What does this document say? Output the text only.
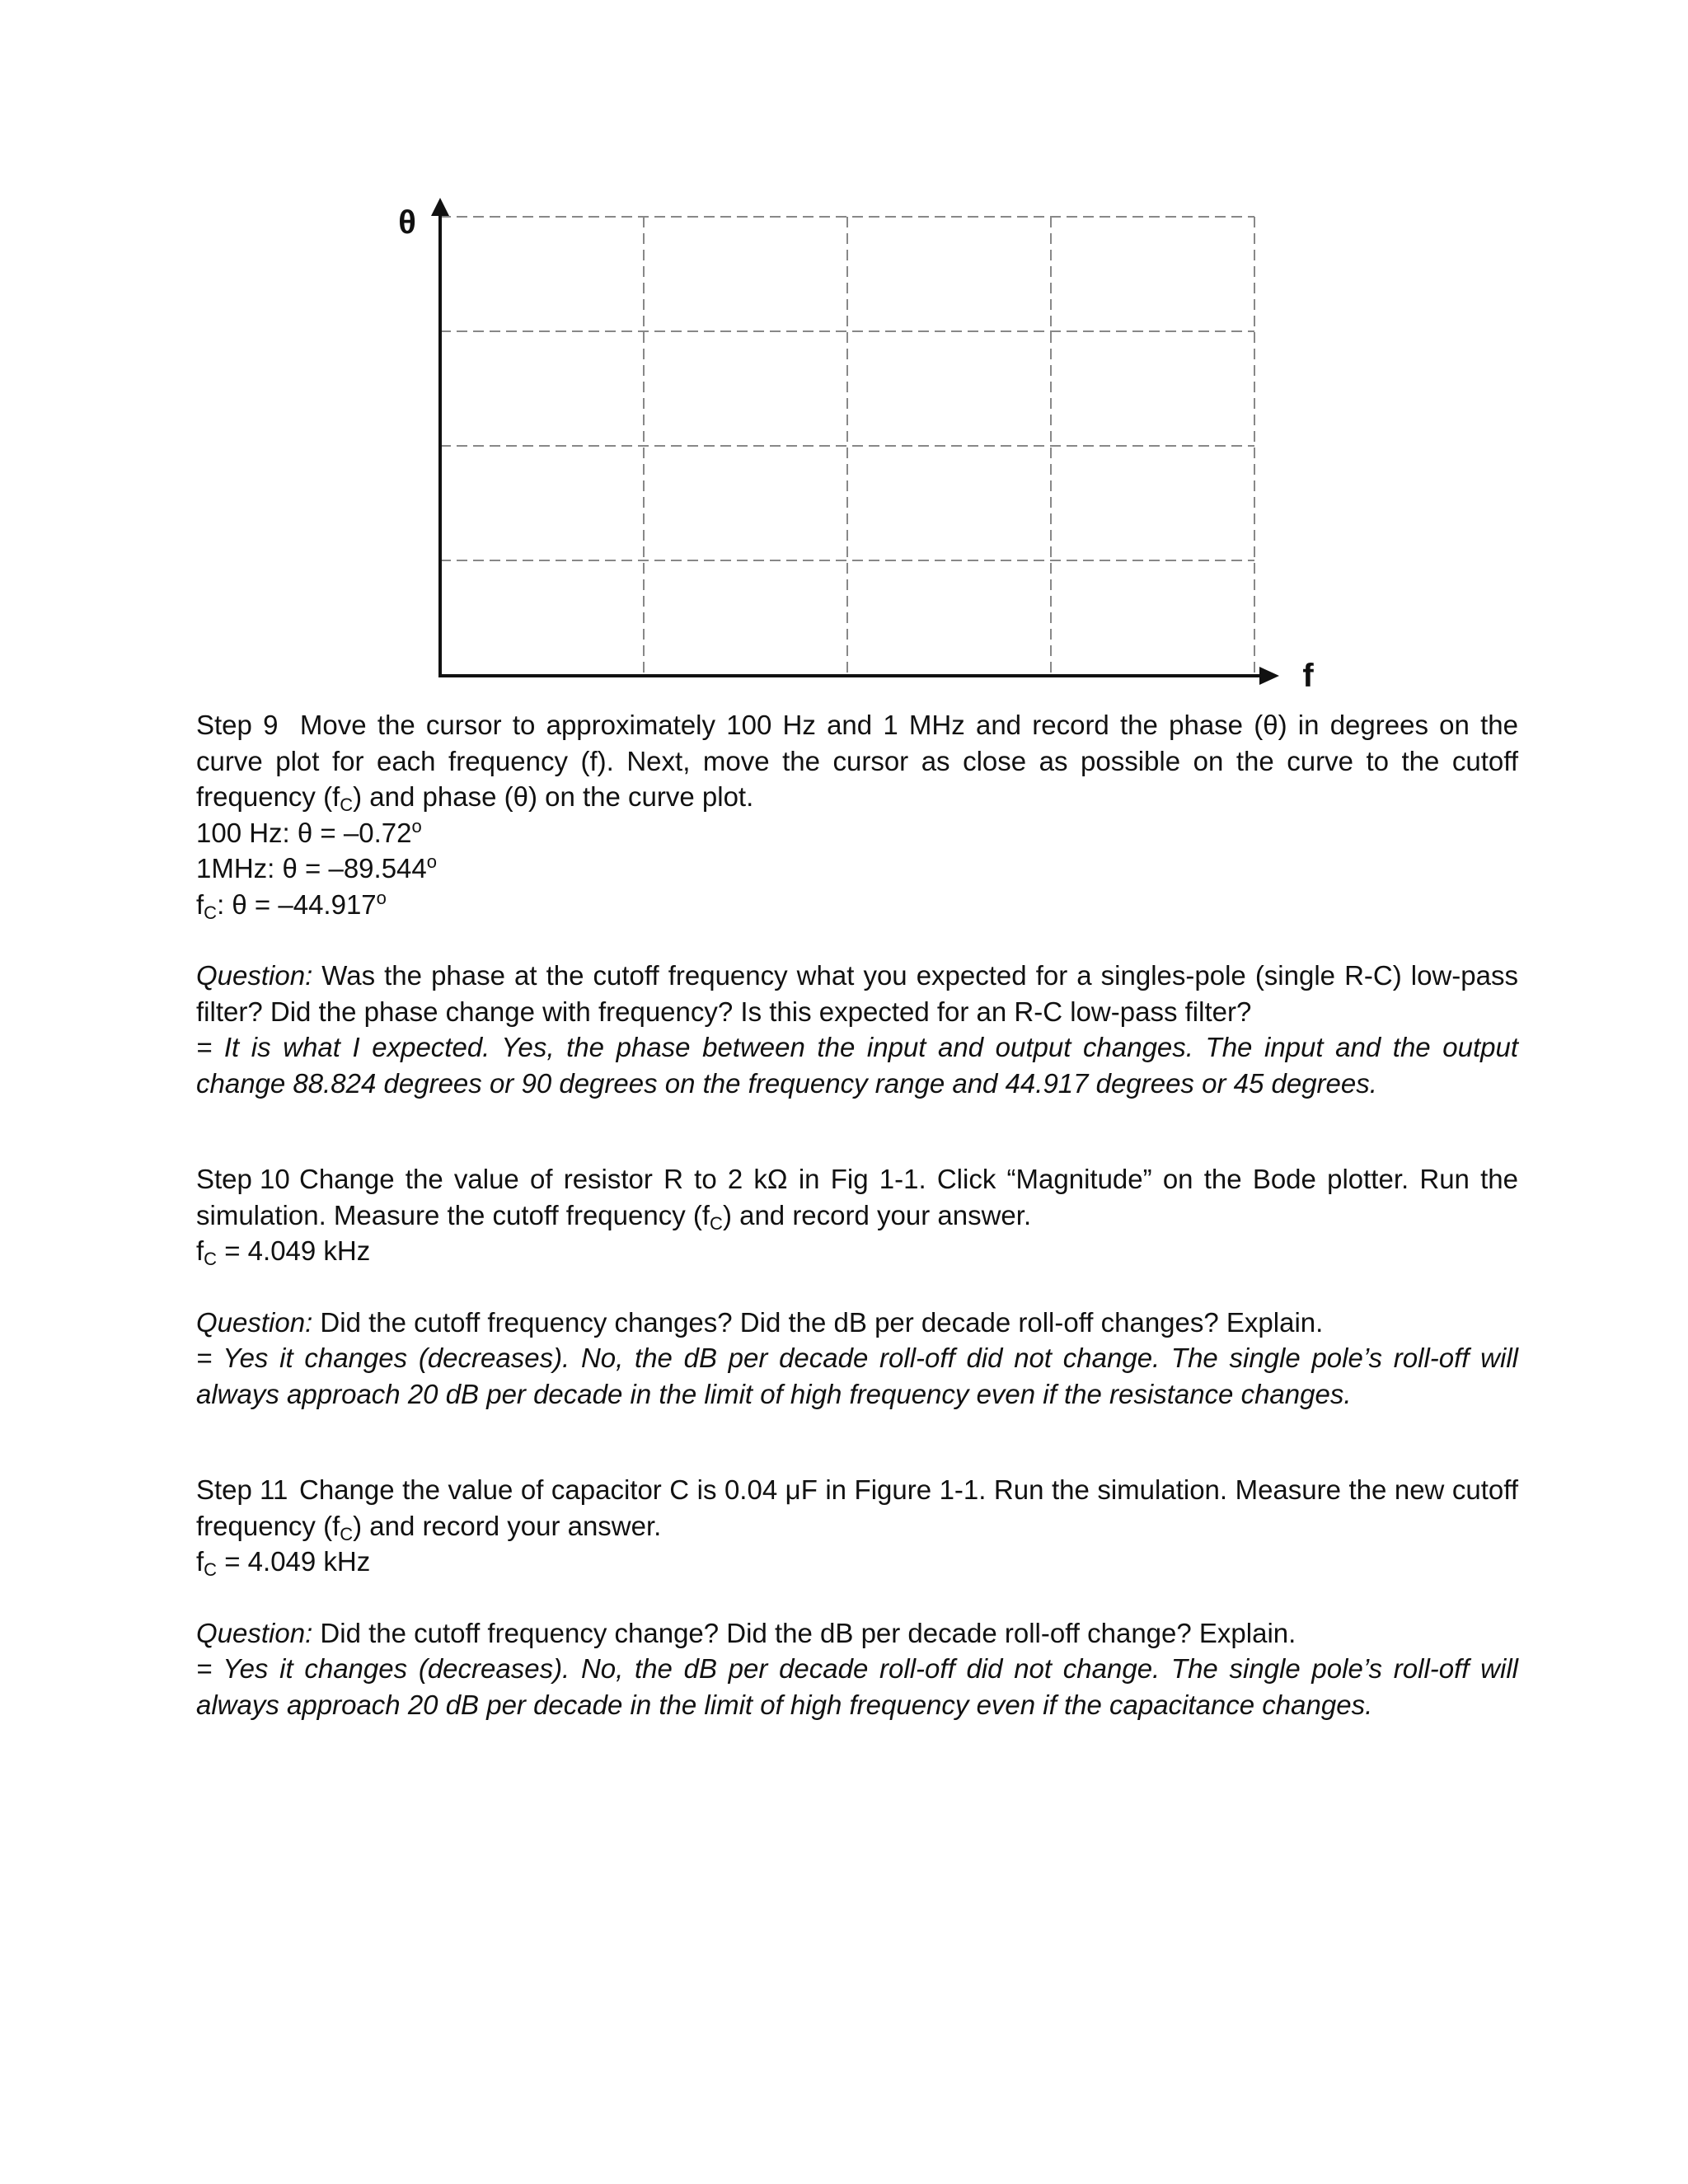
θ
f

Step 9 Move the cursor to approximately 100 Hz and 1 MHz and record the phase (θ) in degrees on the curve plot for each frequency (f). Next, move the cursor as close as possible on the curve to the cutoff frequency $(f_C)$ and phase (θ) on the curve plot.

100 Hz: $\theta = -0.72^o$

1MHz: $\theta = -89.544^o$

$f_C$: $\theta = -44.917^o$

Question: Was the phase at the cutoff frequency what you expected for a singles-pole (single R-C) low-pass filter? Did the phase change with frequency? Is this expected for an R-C low-pass filter?

= It is what I expected. Yes, the phase between the input and output changes. The input and the output change 88.824 degrees or 90 degrees on the frequency range and 44.917 degrees or 45 degrees.

Step 10 Change the value of resistor R to 2 kΩ in Fig 1-1. Click “Magnitude” on the Bode plotter. Run the simulation. Measure the cutoff frequency $(f_C)$ and record your answer.

$f_C = 4.049$ kHz

Question: Did the cutoff frequency changes? Did the dB per decade roll-off changes? Explain.

= Yes it changes (decreases). No, the dB per decade roll-off did not change. The single pole’s roll-off will always approach 20 dB per decade in the limit of high frequency even if the resistance changes.

Step 11 Change the value of capacitor C is 0.04 μF in Figure 1-1. Run the simulation. Measure the new cutoff frequency $(f_C)$ and record your answer.

$f_C = 4.049$ kHz

Question: Did the cutoff frequency change? Did the dB per decade roll-off change? Explain.

= Yes it changes (decreases). No, the dB per decade roll-off did not change. The single pole’s roll-off will always approach 20 dB per decade in the limit of high frequency even if the capacitance changes.
